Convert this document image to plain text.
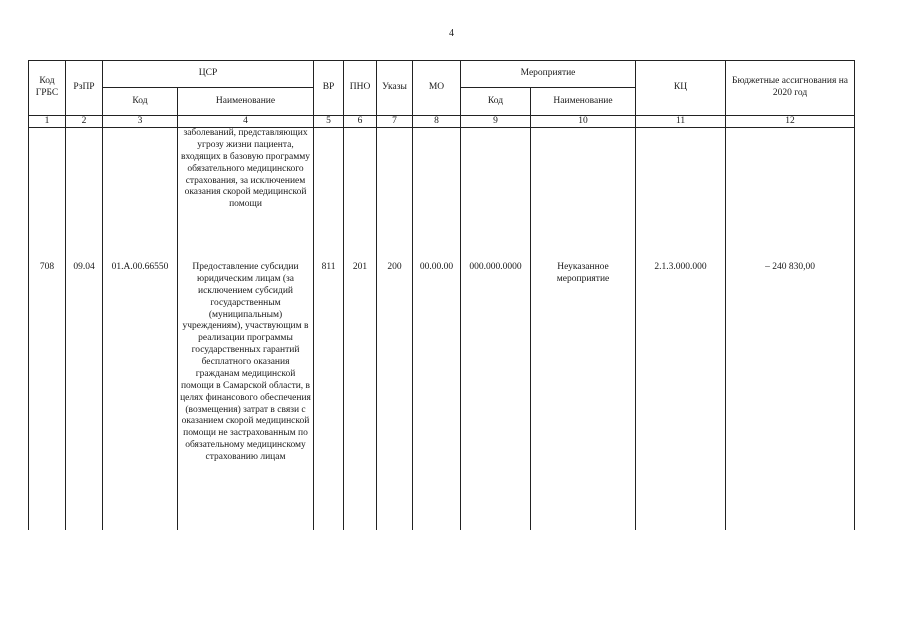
4
Код ГРБС	РзПР	ЦСР		ВР	ПНО	Указы	МО	Мероприятие		КЦ	Бюджетные ассигнования на 2020 год
		Код	Наименование					Код	Наименование		
1	2	3	4	5	6	7	8	9	10	11	12
			заболеваний, представляющих угрозу жизни пациента, входящих в базовую программу обязательного медицинского страхования, за исключением оказания скорой медицинской помощи								
708	09.04	01.А.00.66550	Предоставление субсидии юридическим лицам (за исключением субсидий государственным (муниципальным) учреждениям), участвующим в реализации программы государственных гарантий бесплатного оказания гражданам медицинской помощи в Самарской области, в целях финансового обеспечения (возмещения) затрат в связи с оказанием скорой медицинской помощи не застрахованным по обязательному медицинскому страхованию лицам	811	201	200	00.00.00	000.000.0000	Неуказанное мероприятие	2.1.3.000.000	– 240 830,00
